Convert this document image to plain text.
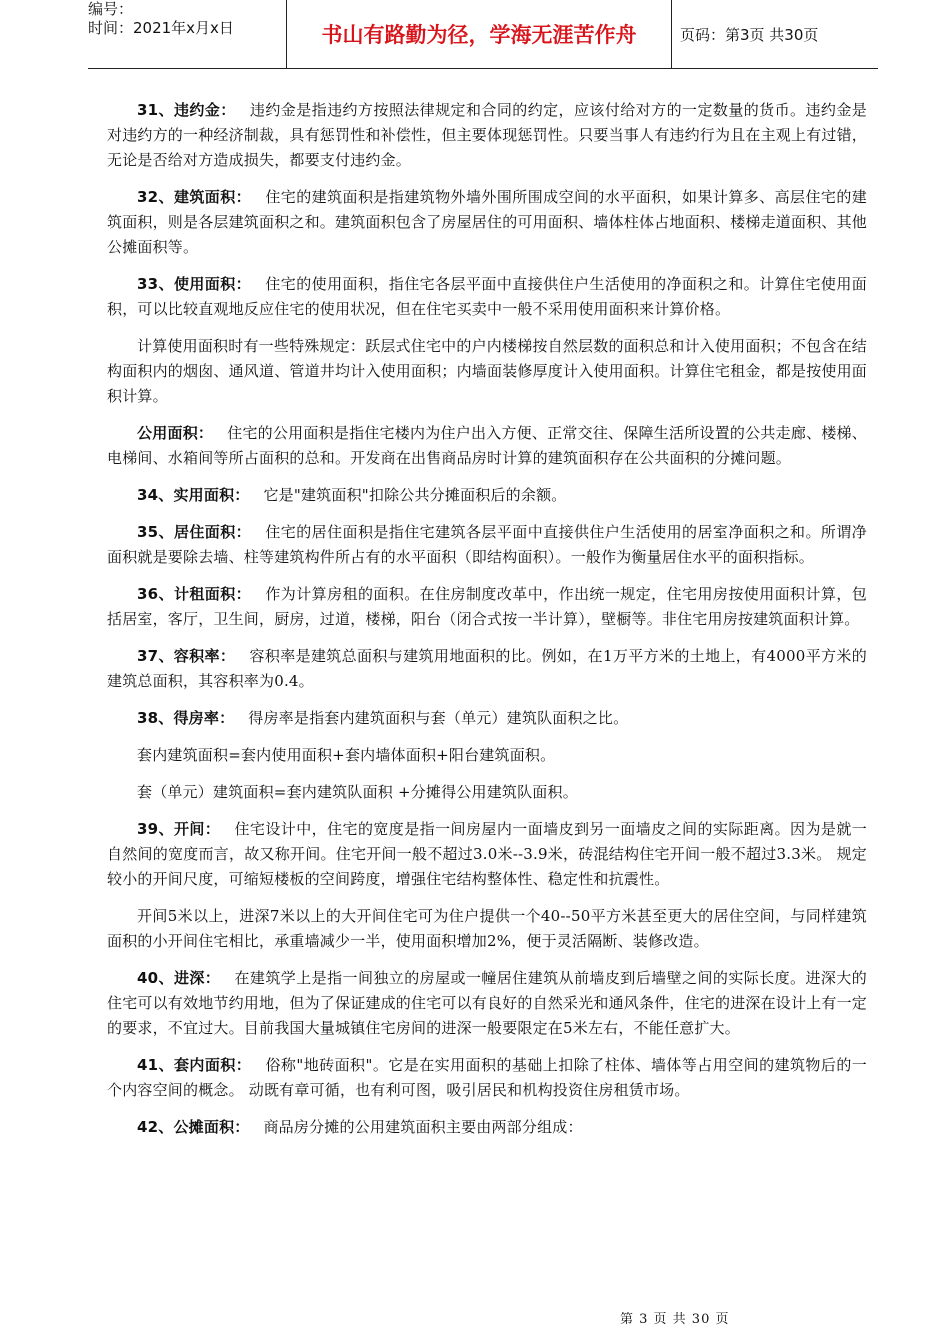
编号：
时间：2021年x月x日	书山有路勤为径，学海无涯苦作舟	页码：第3页 共30页

31、违约金： 违约金是指违约方按照法律规定和合同的约定，应该付给对方的一定数量的货币。违约金是对违约方的一种经济制裁，具有惩罚性和补偿性，但主要体现惩罚性。只要当事人有违约行为且在主观上有过错，无论是否给对方造成损失，都要支付违约金。

32、建筑面积： 住宅的建筑面积是指建筑物外墙外围所围成空间的水平面积，如果计算多、高层住宅的建筑面积，则是各层建筑面积之和。建筑面积包含了房屋居住的可用面积、墙体柱体占地面积、楼梯走道面积、其他公摊面积等。

33、使用面积： 住宅的使用面积，指住宅各层平面中直接供住户生活使用的净面积之和。计算住宅使用面积，可以比较直观地反应住宅的使用状况，但在住宅买卖中一般不采用使用面积来计算价格。

计算使用面积时有一些特殊规定：跃层式住宅中的户内楼梯按自然层数的面积总和计入使用面积；不包含在结构面积内的烟囱、通风道、管道井均计入使用面积；内墙面装修厚度计入使用面积。计算住宅租金，都是按使用面积计算。

公用面积： 住宅的公用面积是指住宅楼内为住户出入方便、正常交往、保障生活所设置的公共走廊、楼梯、电梯间、水箱间等所占面积的总和。开发商在出售商品房时计算的建筑面积存在公共面积的分摊问题。

34、实用面积： 它是"建筑面积"扣除公共分摊面积后的余额。

35、居住面积： 住宅的居住面积是指住宅建筑各层平面中直接供住户生活使用的居室净面积之和。所谓净面积就是要除去墙、柱等建筑构件所占有的水平面积（即结构面积）。一般作为衡量居住水平的面积指标。

36、计租面积： 作为计算房租的面积。在住房制度改革中，作出统一规定，住宅用房按使用面积计算，包括居室，客厅，卫生间，厨房，过道，楼梯，阳台（闭合式按一半计算），壁橱等。非住宅用房按建筑面积计算。

37、容积率： 容积率是建筑总面积与建筑用地面积的比。例如，在1万平方米的土地上，有4000平方米的建筑总面积，其容积率为0.4。

38、得房率： 得房率是指套内建筑面积与套（单元）建筑队面积之比。

套内建筑面积=套内使用面积+套内墙体面积+阳台建筑面积。

套（单元）建筑面积=套内建筑队面积 +分摊得公用建筑队面积。

39、开间： 住宅设计中，住宅的宽度是指一间房屋内一面墙皮到另一面墙皮之间的实际距离。因为是就一自然间的宽度而言，故又称开间。住宅开间一般不超过3.0米--3.9米，砖混结构住宅开间一般不超过3.3米。 规定较小的开间尺度，可缩短楼板的空间跨度，增强住宅结构整体性、稳定性和抗震性。

开间5米以上，进深7米以上的大开间住宅可为住户提供一个40--50平方米甚至更大的居住空间，与同样建筑面积的小开间住宅相比，承重墙减少一半，使用面积增加2%，便于灵活隔断、装修改造。

40、进深： 在建筑学上是指一间独立的房屋或一幢居住建筑从前墙皮到后墙壁之间的实际长度。进深大的住宅可以有效地节约用地，但为了保证建成的住宅可以有良好的自然采光和通风条件，住宅的进深在设计上有一定的要求，不宜过大。目前我国大量城镇住宅房间的进深一般要限定在5米左右，不能任意扩大。

41、套内面积： 俗称"地砖面积"。它是在实用面积的基础上扣除了柱体、墙体等占用空间的建筑物后的一个内容空间的概念。 动既有章可循，也有利可图，吸引居民和机构投资住房租赁市场。

42、公摊面积： 商品房分摊的公用建筑面积主要由两部分组成：

第 3 页 共 30 页
